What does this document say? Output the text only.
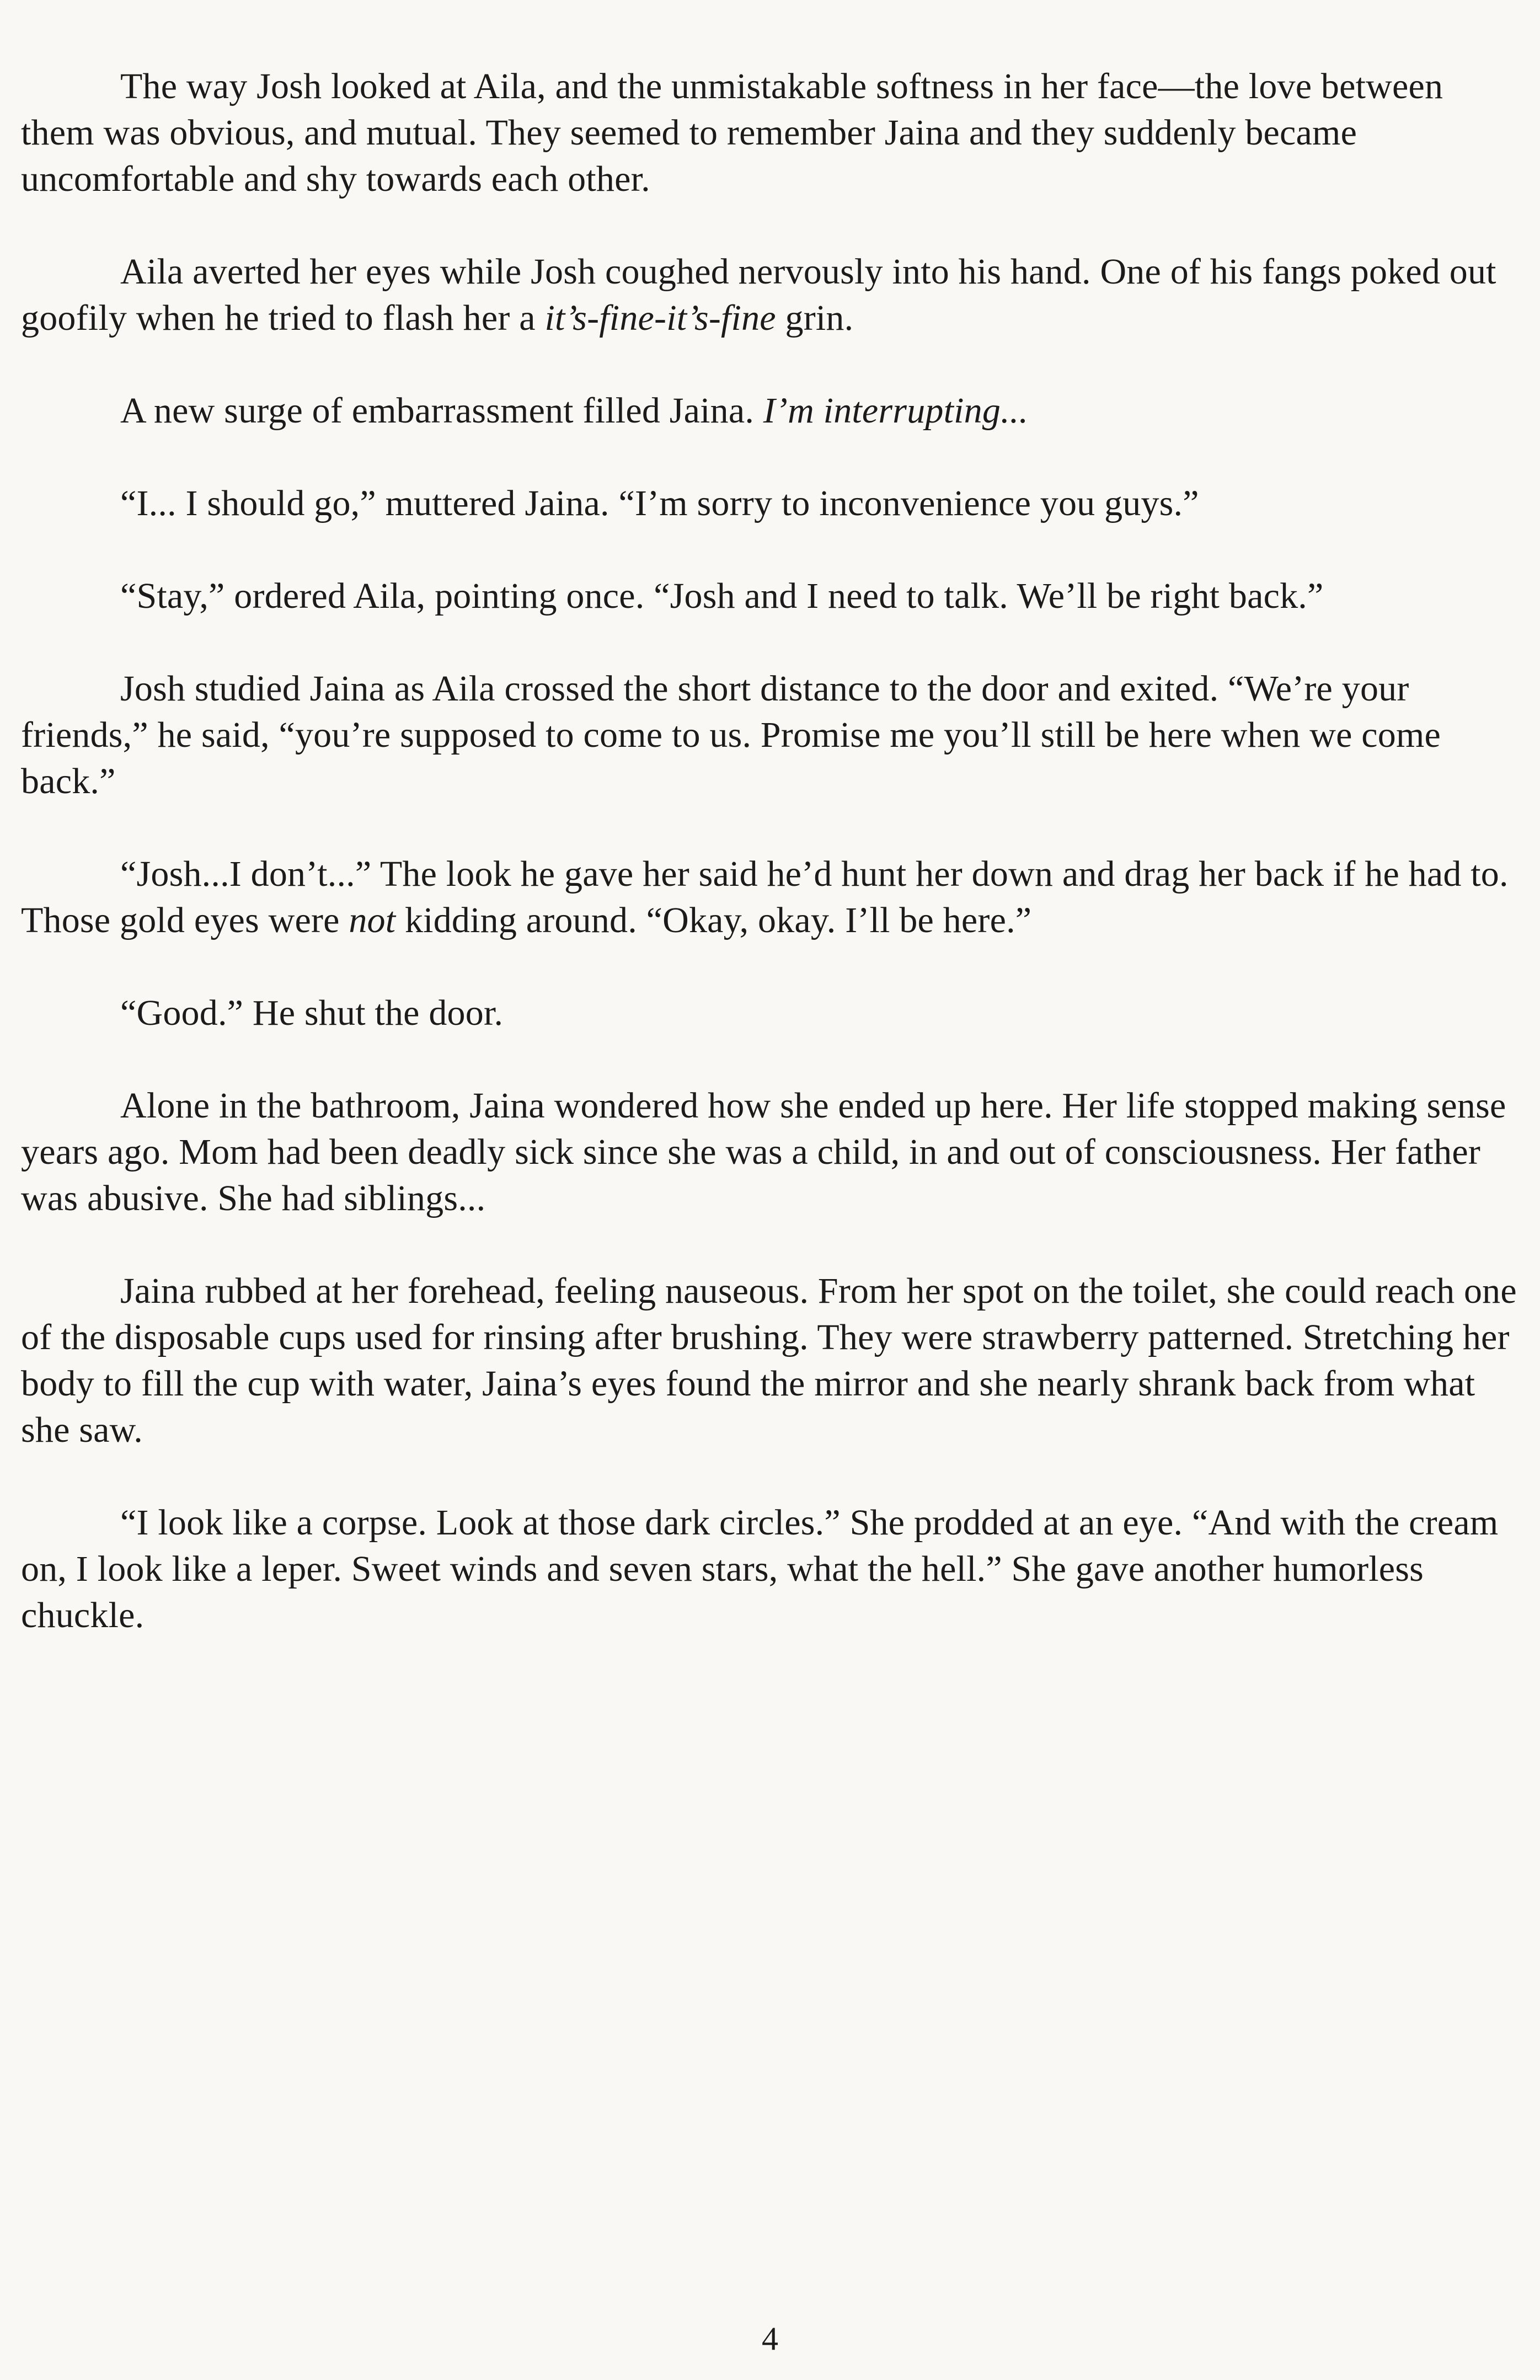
The way Josh looked at Aila, and the unmistakable softness in her face—the love between them was obvious, and mutual. They seemed to remember Jaina and they suddenly became uncomfortable and shy towards each other.

Aila averted her eyes while Josh coughed nervously into his hand. One of his fangs poked out goofily when he tried to flash her a it’s-fine-it’s-fine grin.

A new surge of embarrassment filled Jaina. I’m interrupting...

“I... I should go,” muttered Jaina. “I’m sorry to inconvenience you guys.”

“Stay,” ordered Aila, pointing once. “Josh and I need to talk. We’ll be right back.”

Josh studied Jaina as Aila crossed the short distance to the door and exited. “We’re your friends,” he said, “you’re supposed to come to us. Promise me you’ll still be here when we come back.”

“Josh...I don’t...” The look he gave her said he’d hunt her down and drag her back if he had to. Those gold eyes were not kidding around. “Okay, okay. I’ll be here.”

“Good.” He shut the door.

Alone in the bathroom, Jaina wondered how she ended up here. Her life stopped making sense years ago. Mom had been deadly sick since she was a child, in and out of consciousness. Her father was abusive. She had siblings...

Jaina rubbed at her forehead, feeling nauseous. From her spot on the toilet, she could reach one of the disposable cups used for rinsing after brushing. They were strawberry patterned. Stretching her body to fill the cup with water, Jaina’s eyes found the mirror and she nearly shrank back from what she saw.

“I look like a corpse. Look at those dark circles.” She prodded at an eye. “And with the cream on, I look like a leper. Sweet winds and seven stars, what the hell.” She gave another humorless chuckle.

4
